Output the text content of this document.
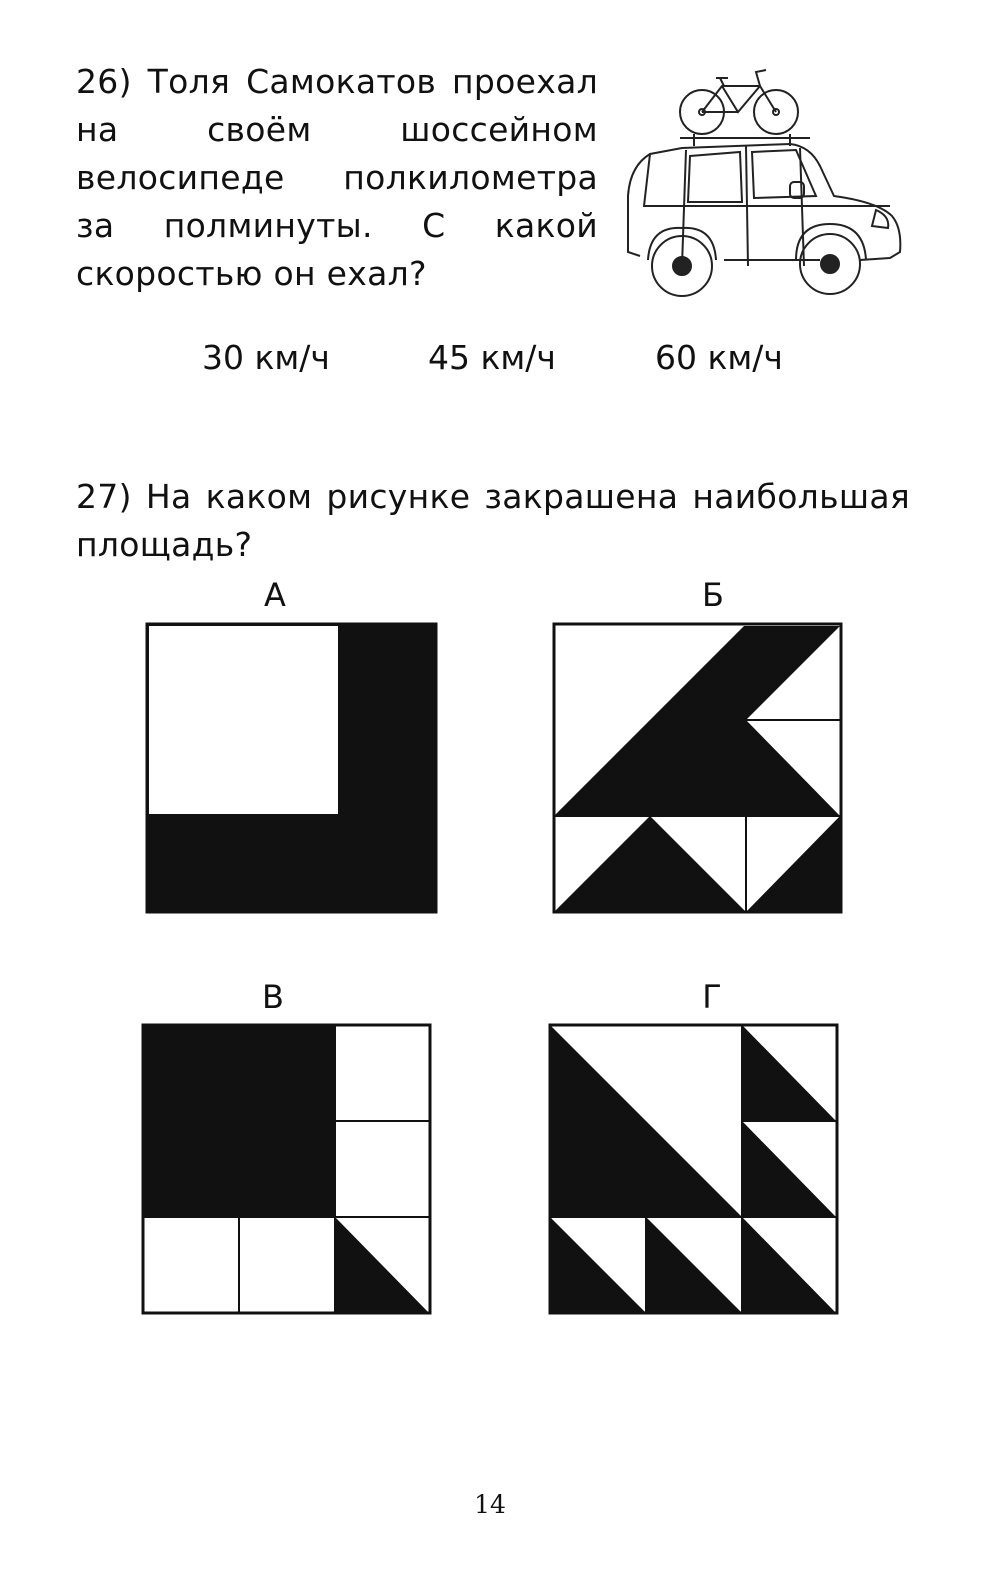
26) Толя Самокатов проехал на своём шоссейном велосипеде полкилометра за полминуты. С какой скоростью он ехал?
30 км/ч	45 км/ч	60 км/ч
27) На каком рисунке закрашена наибольшая площадь?
А	Б
В	Г
14
